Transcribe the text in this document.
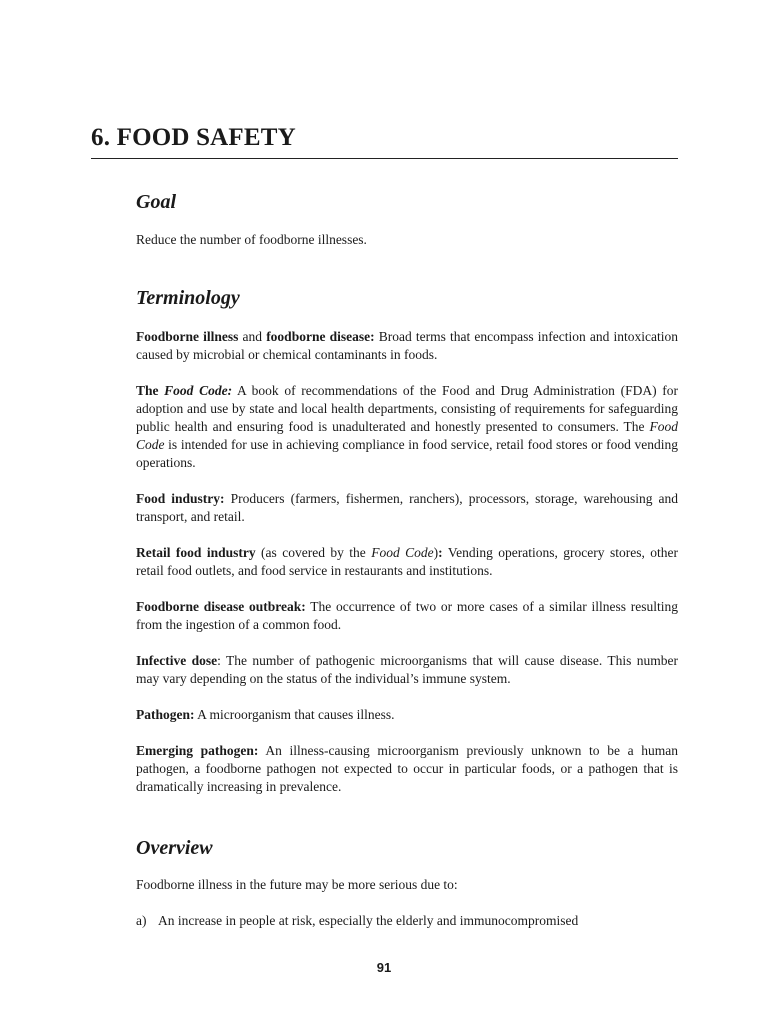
6. FOOD SAFETY
Goal

Reduce the number of foodborne illnesses.

Terminology

Foodborne illness and foodborne disease: Broad terms that encompass infection and intoxication caused by microbial or chemical contaminants in foods.

The Food Code: A book of recommendations of the Food and Drug Administration (FDA) for adoption and use by state and local health departments, consisting of requirements for safeguarding public health and ensuring food is unadulterated and honestly presented to consumers. The Food Code is intended for use in achieving compliance in food service, retail food stores or food vending operations.

Food industry: Producers (farmers, fishermen, ranchers), processors, storage, warehousing and transport, and retail.

Retail food industry (as covered by the Food Code): Vending operations, grocery stores, other retail food outlets, and food service in restaurants and institutions.

Foodborne disease outbreak: The occurrence of two or more cases of a similar illness resulting from the ingestion of a common food.

Infective dose: The number of pathogenic microorganisms that will cause disease. This number may vary depending on the status of the individual’s immune system.

Pathogen: A microorganism that causes illness.

Emerging pathogen: An illness-causing microorganism previously unknown to be a human pathogen, a foodborne pathogen not expected to occur in particular foods, or a pathogen that is dramatically increasing in prevalence.

Overview

Foodborne illness in the future may be more serious due to:

a) An increase in people at risk, especially the elderly and immunocompromised

91
